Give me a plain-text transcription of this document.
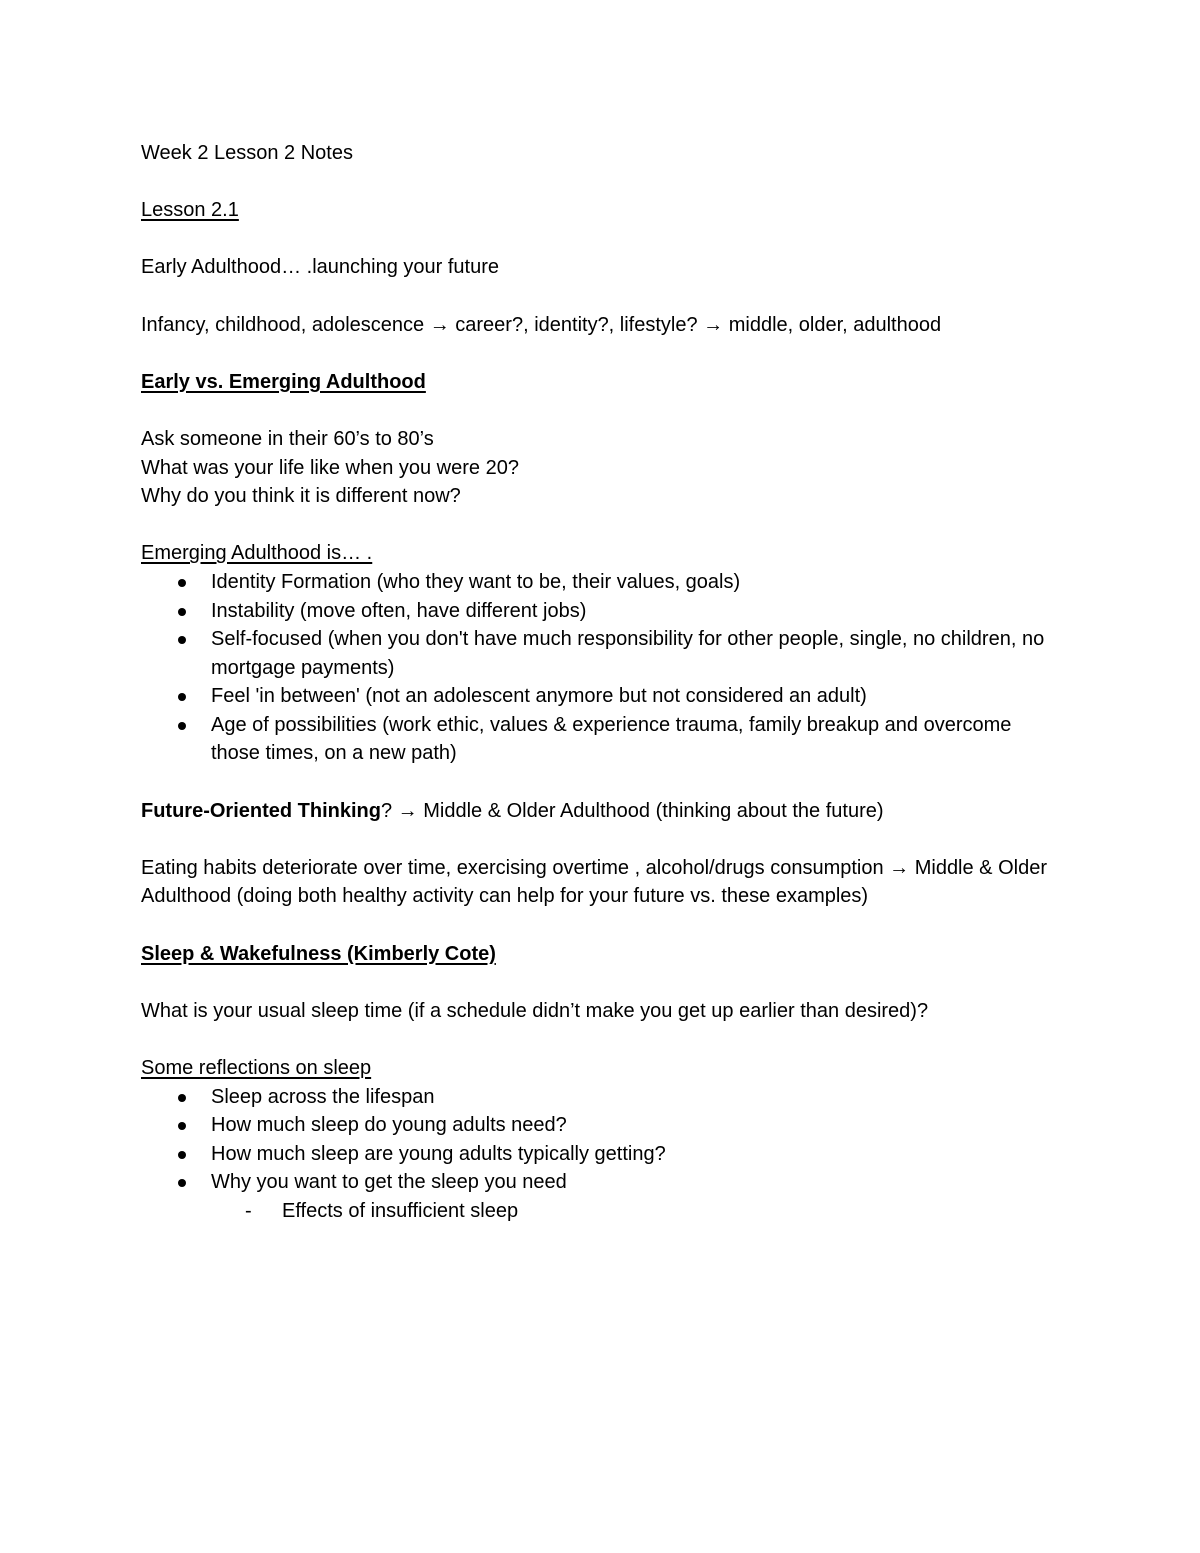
Week 2 Lesson 2 Notes

Lesson 2.1

Early Adulthood… .launching your future

Infancy, childhood, adolescence → career?, identity?, lifestyle? → middle, older, adulthood

Early vs. Emerging Adulthood

Ask someone in their 60’s to 80’s

What was your life like when you were 20?

Why do you think it is different now?

Emerging Adulthood is… .

Identity Formation (who they want to be, their values, goals)
Instability (move often, have different jobs)
Self-focused (when you don't have much responsibility for other people, single, no children, no mortgage payments)
Feel 'in between' (not an adolescent anymore but not considered an adult)
Age of possibilities (work ethic, values & experience trauma, family breakup and overcome those times, on a new path)

Future-Oriented Thinking? → Middle & Older Adulthood (thinking about the future)

Eating habits deteriorate over time, exercising overtime , alcohol/drugs consumption → Middle & Older Adulthood (doing both healthy activity can help for your future vs. these examples)

Sleep & Wakefulness (Kimberly Cote)

What is your usual sleep time (if a schedule didn’t make you get up earlier than desired)?

Some reflections on sleep

Sleep across the lifespan
How much sleep do young adults need?
How much sleep are young adults typically getting?
Why you want to get the sleep you need
- Effects of insufficient sleep
